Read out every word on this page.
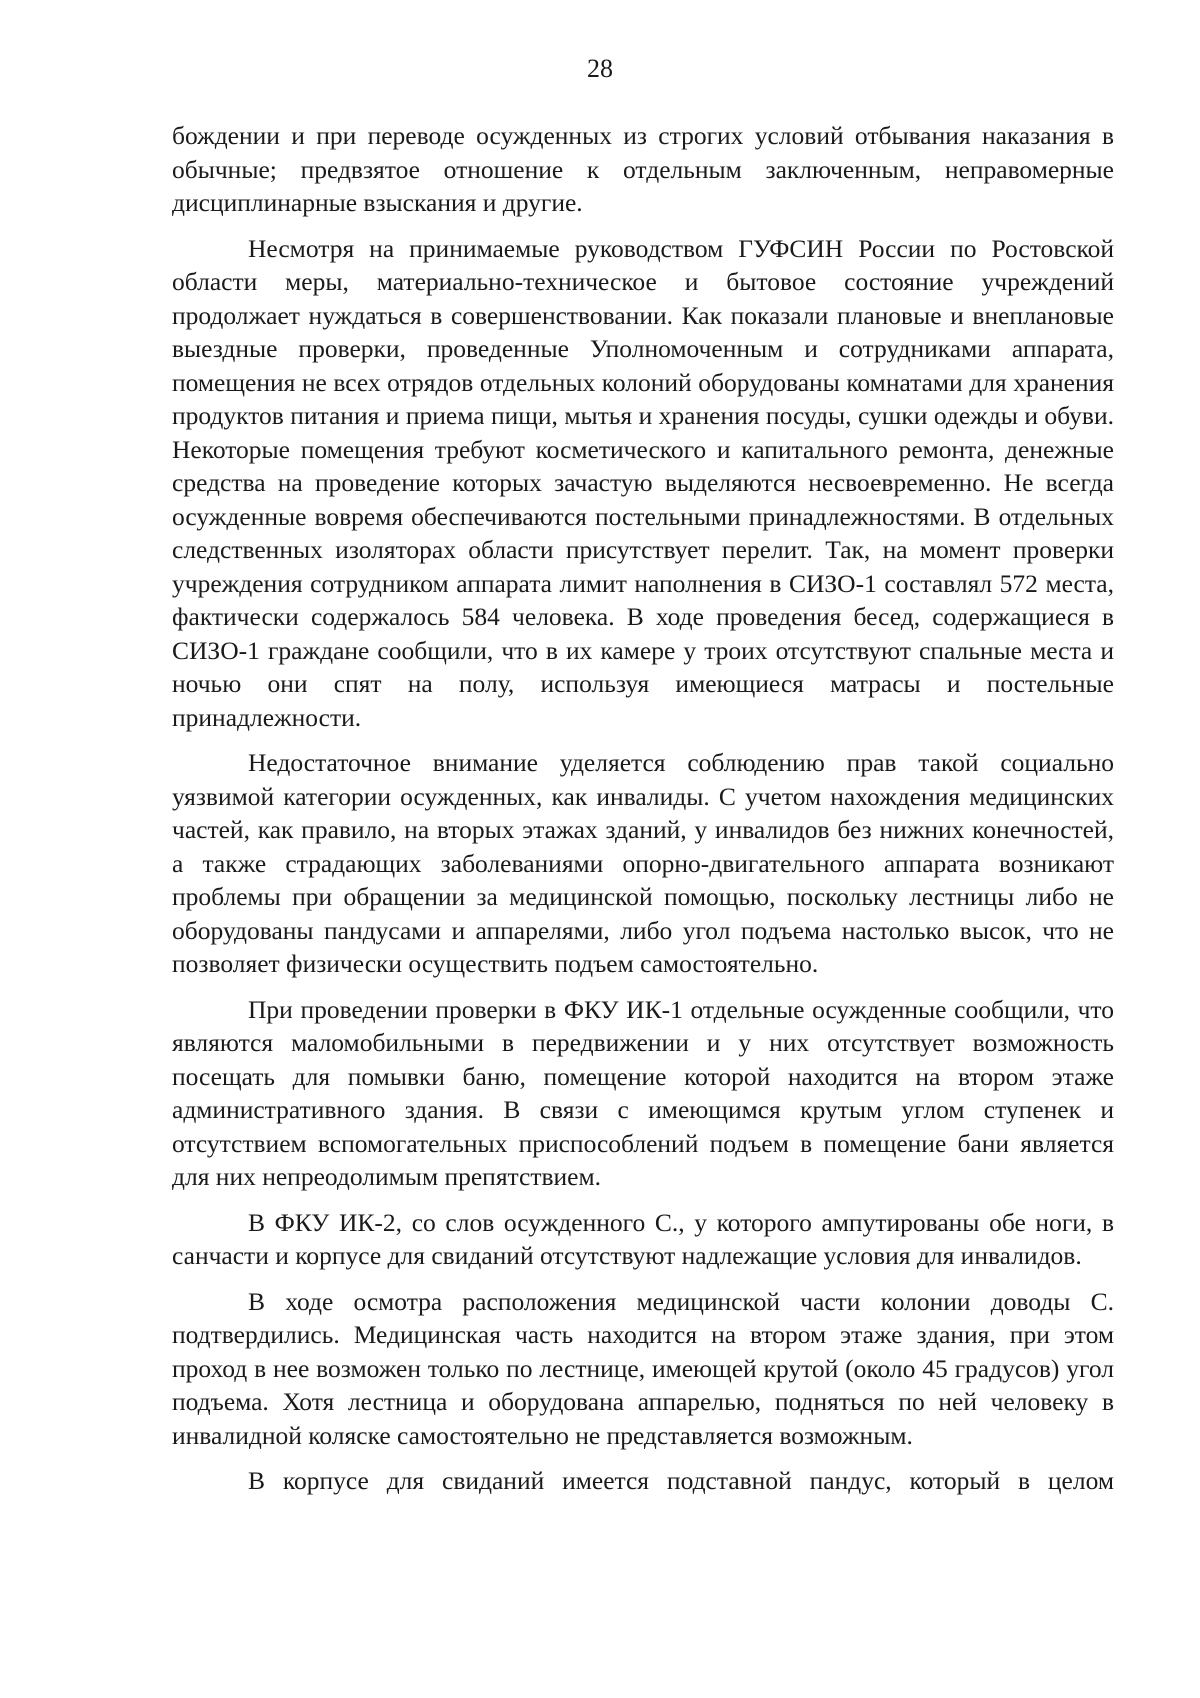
28

бождении и при переводе осужденных из строгих условий отбывания наказания в обычные; предвзятое отношение к отдельным заключенным, неправомерные дисциплинарные взыскания и другие.

Несмотря на принимаемые руководством ГУФСИН России по Ростовской области меры, материально-техническое и бытовое состояние учреждений продолжает нуждаться в совершенствовании. Как показали плановые и внеплановые выездные проверки, проведенные Уполномоченным и сотрудниками аппарата, помещения не всех отрядов отдельных колоний оборудованы комнатами для хранения продуктов питания и приема пищи, мытья и хранения посуды, сушки одежды и обуви. Некоторые помещения требуют косметического и капитального ремонта, денежные средства на проведение которых зачастую выделяются несвоевременно. Не всегда осужденные вовремя обеспечиваются постельными принадлежностями. В отдельных следственных изоляторах области присутствует перелит. Так, на момент проверки учреждения сотрудником аппарата лимит наполнения в СИЗО-1 составлял 572 места, фактически содержалось 584 человека. В ходе проведения бесед, содержащиеся в СИЗО-1 граждане сообщили, что в их камере у троих отсутствуют спальные места и ночью они спят на полу, используя имеющиеся матрасы и постельные принадлежности.

Недостаточное внимание уделяется соблюдению прав такой социально уязвимой категории осужденных, как инвалиды. С учетом нахождения медицинских частей, как правило, на вторых этажах зданий, у инвалидов без нижних конечностей, а также страдающих заболеваниями опорно-двигательного аппарата возникают проблемы при обращении за медицинской помощью, поскольку лестницы либо не оборудованы пандусами и аппарелями, либо угол подъема настолько высок, что не позволяет физически осуществить подъем самостоятельно.

При проведении проверки в ФКУ ИК-1 отдельные осужденные сообщили, что являются маломобильными в передвижении и у них отсутствует возможность посещать для помывки баню, помещение которой находится на втором этаже административного здания. В связи с имеющимся крутым углом ступенек и отсутствием вспомогательных приспособлений подъем в помещение бани является для них непреодолимым препятствием.

В ФКУ ИК-2, со слов осужденного С., у которого ампутированы обе ноги, в санчасти и корпусе для свиданий отсутствуют надлежащие условия для инвалидов.

В ходе осмотра расположения медицинской части колонии доводы С. подтвердились. Медицинская часть находится на втором этаже здания, при этом проход в нее возможен только по лестнице, имеющей крутой (около 45 градусов) угол подъема. Хотя лестница и оборудована аппарелью, подняться по ней человеку в инвалидной коляске самостоятельно не представляется возможным.

В корпусе для свиданий имеется подставной пандус, который в целом
